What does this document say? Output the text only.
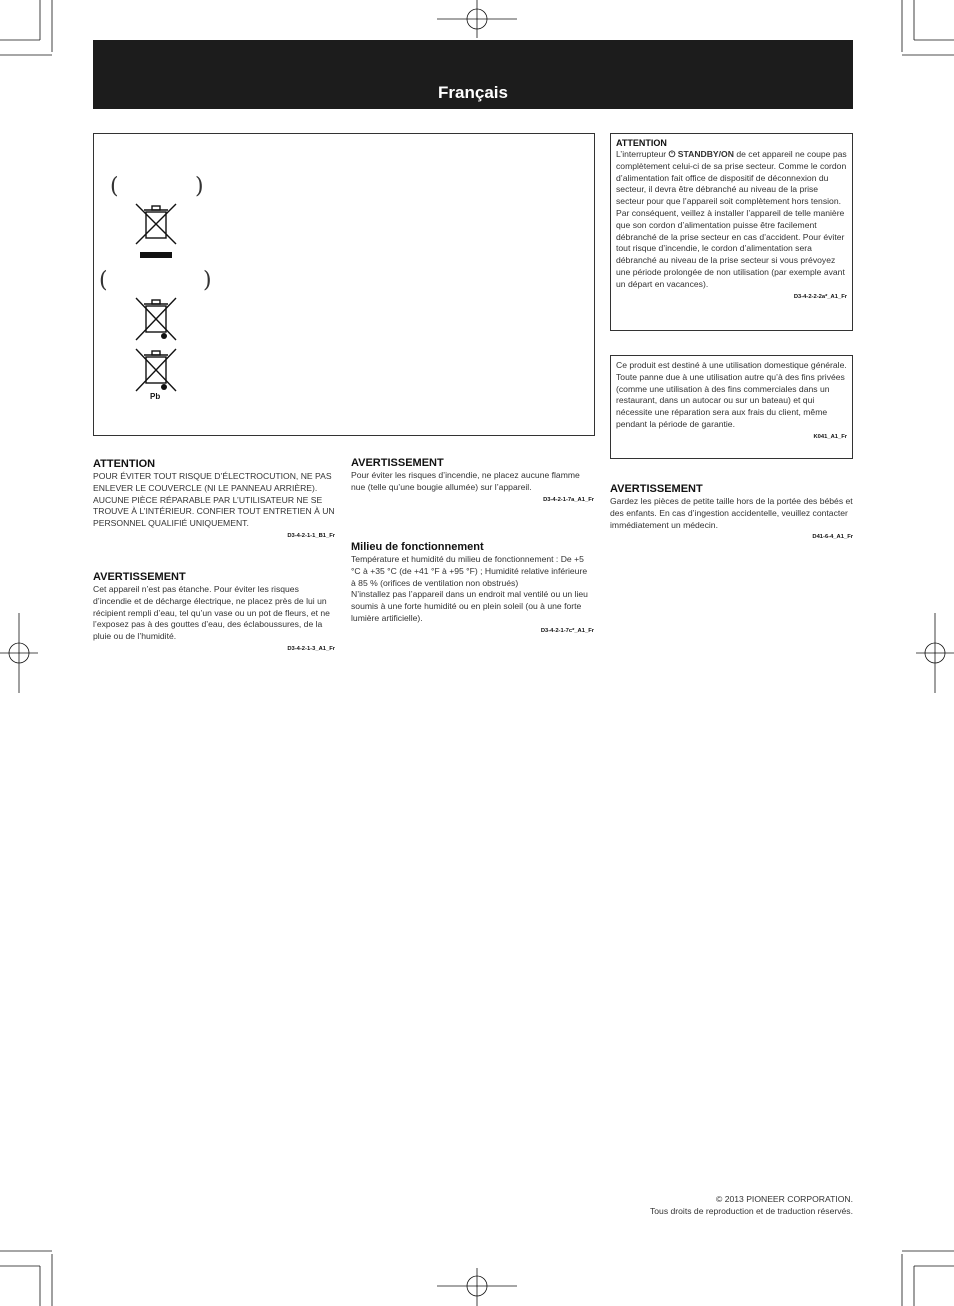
Français
(	)
(	)
Pb
ATTENTION

POUR ÉVITER TOUT RISQUE D’ÉLECTROCUTION, NE PAS ENLEVER LE COUVERCLE (NI LE PANNEAU ARRIÈRE). AUCUNE PIÈCE RÉPARABLE PAR L’UTILISATEUR NE SE TROUVE À L’INTÉRIEUR. CONFIER TOUT ENTRETIEN À UN PERSONNEL QUALIFIÉ UNIQUEMENT.

D3-4-2-1-1_B1_Fr
AVERTISSEMENT

Cet appareil n’est pas étanche. Pour éviter les risques d’incendie et de décharge électrique, ne placez près de lui un récipient rempli d’eau, tel qu’un vase ou un pot de fleurs, et ne l’exposez pas à des gouttes d’eau, des éclaboussures, de la pluie ou de l’humidité.

D3-4-2-1-3_A1_Fr
AVERTISSEMENT

Pour éviter les risques d’incendie, ne placez aucune flamme nue (telle qu’une bougie allumée) sur l’appareil.

D3-4-2-1-7a_A1_Fr
Milieu de fonctionnement

Température et humidité du milieu de fonctionnement : De +5 °C à +35 °C (de +41 °F à +95 °F) ; Humidité relative inférieure à 85 % (orifices de ventilation non obstrués)
N’installez pas l’appareil dans un endroit mal ventilé ou un lieu soumis à une forte humidité ou en plein soleil (ou à une forte lumière artificielle).

D3-4-2-1-7c*_A1_Fr
ATTENTION

L’interrupteur ⏻ STANDBY/ON de cet appareil ne coupe pas complètement celui-ci de sa prise secteur. Comme le cordon d’alimentation fait office de dispositif de déconnexion du secteur, il devra être débranché au niveau de la prise secteur pour que l’appareil soit complètement hors tension. Par conséquent, veillez à installer l’appareil de telle manière que son cordon d’alimentation puisse être facilement débranché de la prise secteur en cas d’accident. Pour éviter tout risque d’incendie, le cordon d’alimentation sera débranché au niveau de la prise secteur si vous prévoyez une période prolongée de non utilisation (par exemple avant un départ en vacances).

D3-4-2-2-2a*_A1_Fr

Ce produit est destiné à une utilisation domestique générale. Toute panne due à une utilisation autre qu’à des fins privées (comme une utilisation à des fins commerciales dans un restaurant, dans un autocar ou sur un bateau) et qui nécessite une réparation sera aux frais du client, même pendant la période de garantie.

K041_A1_Fr
AVERTISSEMENT

Gardez les pièces de petite taille hors de la portée des bébés et des enfants. En cas d’ingestion accidentelle, veuillez contacter immédiatement un médecin.

D41-6-4_A1_Fr
© 2013 PIONEER CORPORATION.
Tous droits de reproduction et de traduction réservés.
